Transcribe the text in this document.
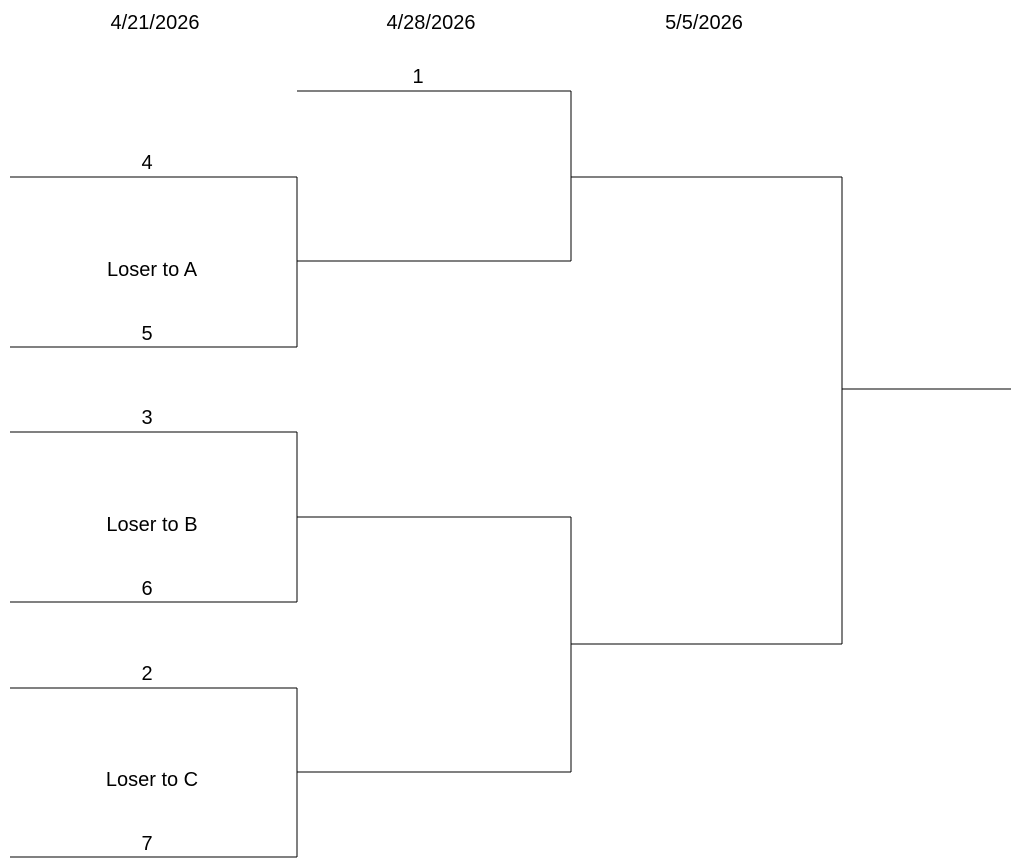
4/21/2026	4/28/2026	5/5/2026
1
4
Loser to A
5
3
Loser to B
6
2
Loser to C
7
